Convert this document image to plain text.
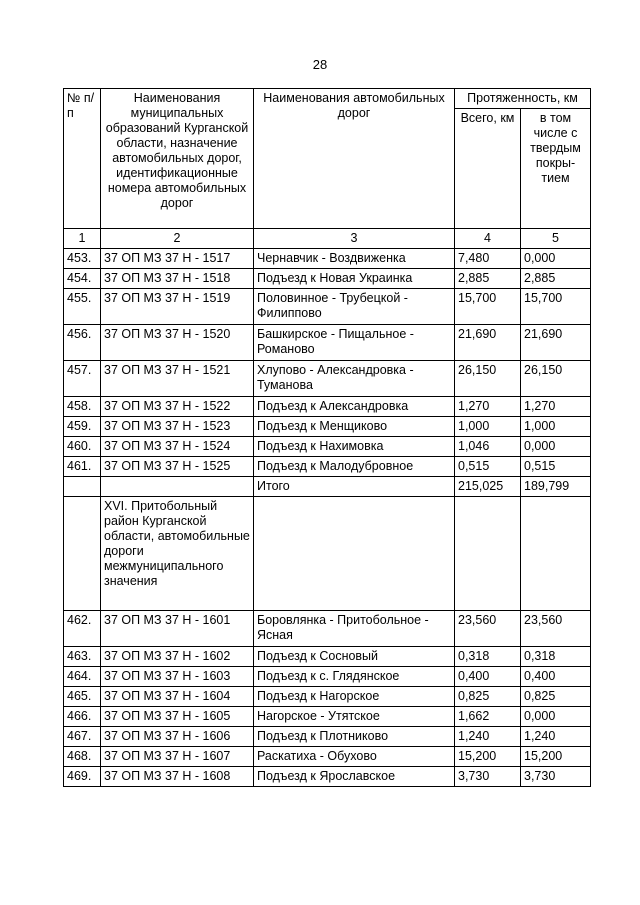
28
№ п/п	Наименования муниципальных образований Курганской области, назначение автомобильных дорог, идентификационные номера автомобильных дорог	Наименования автомобильных дорог	Протяженность, км	
			Всего, км	в том числе с твердым покры-тием
1	2	3	4	5
453.	37 ОП МЗ 37 Н - 1517	Чернавчик - Воздвиженка	7,480	0,000
454.	37 ОП МЗ 37 Н - 1518	Подъезд к Новая Украинка	2,885	2,885
455.	37 ОП МЗ 37 Н - 1519	Половинное - Трубецкой - Филиппово	15,700	15,700
456.	37 ОП МЗ 37 Н - 1520	Башкирское - Пищальное - Романово	21,690	21,690
457.	37 ОП МЗ 37 Н - 1521	Хлупово - Александровка - Туманова	26,150	26,150
458.	37 ОП МЗ 37 Н - 1522	Подъезд к Александровка	1,270	1,270
459.	37 ОП МЗ 37 Н - 1523	Подъезд к Менщиково	1,000	1,000
460.	37 ОП МЗ 37 Н - 1524	Подъезд к Нахимовка	1,046	0,000
461.	37 ОП МЗ 37 Н - 1525	Подъезд к Малодубровное	0,515	0,515
		Итого	215,025	189,799
	XVI. Притобольный район Курганской области, автомобильные дороги межмуниципального значения			
462.	37 ОП МЗ 37 Н - 1601	Боровлянка - Притобольное - Ясная	23,560	23,560
463.	37 ОП МЗ 37 Н - 1602	Подъезд к Сосновый	0,318	0,318
464.	37 ОП МЗ 37 Н - 1603	Подъезд к с. Глядянское	0,400	0,400
465.	37 ОП МЗ 37 Н - 1604	Подъезд к Нагорское	0,825	0,825
466.	37 ОП МЗ 37 Н - 1605	Нагорское - Утятское	1,662	0,000
467.	37 ОП МЗ 37 Н - 1606	Подъезд к Плотниково	1,240	1,240
468.	37 ОП МЗ 37 Н - 1607	Раскатиха - Обухово	15,200	15,200
469.	37 ОП МЗ 37 Н - 1608	Подъезд к Ярославское	3,730	3,730
